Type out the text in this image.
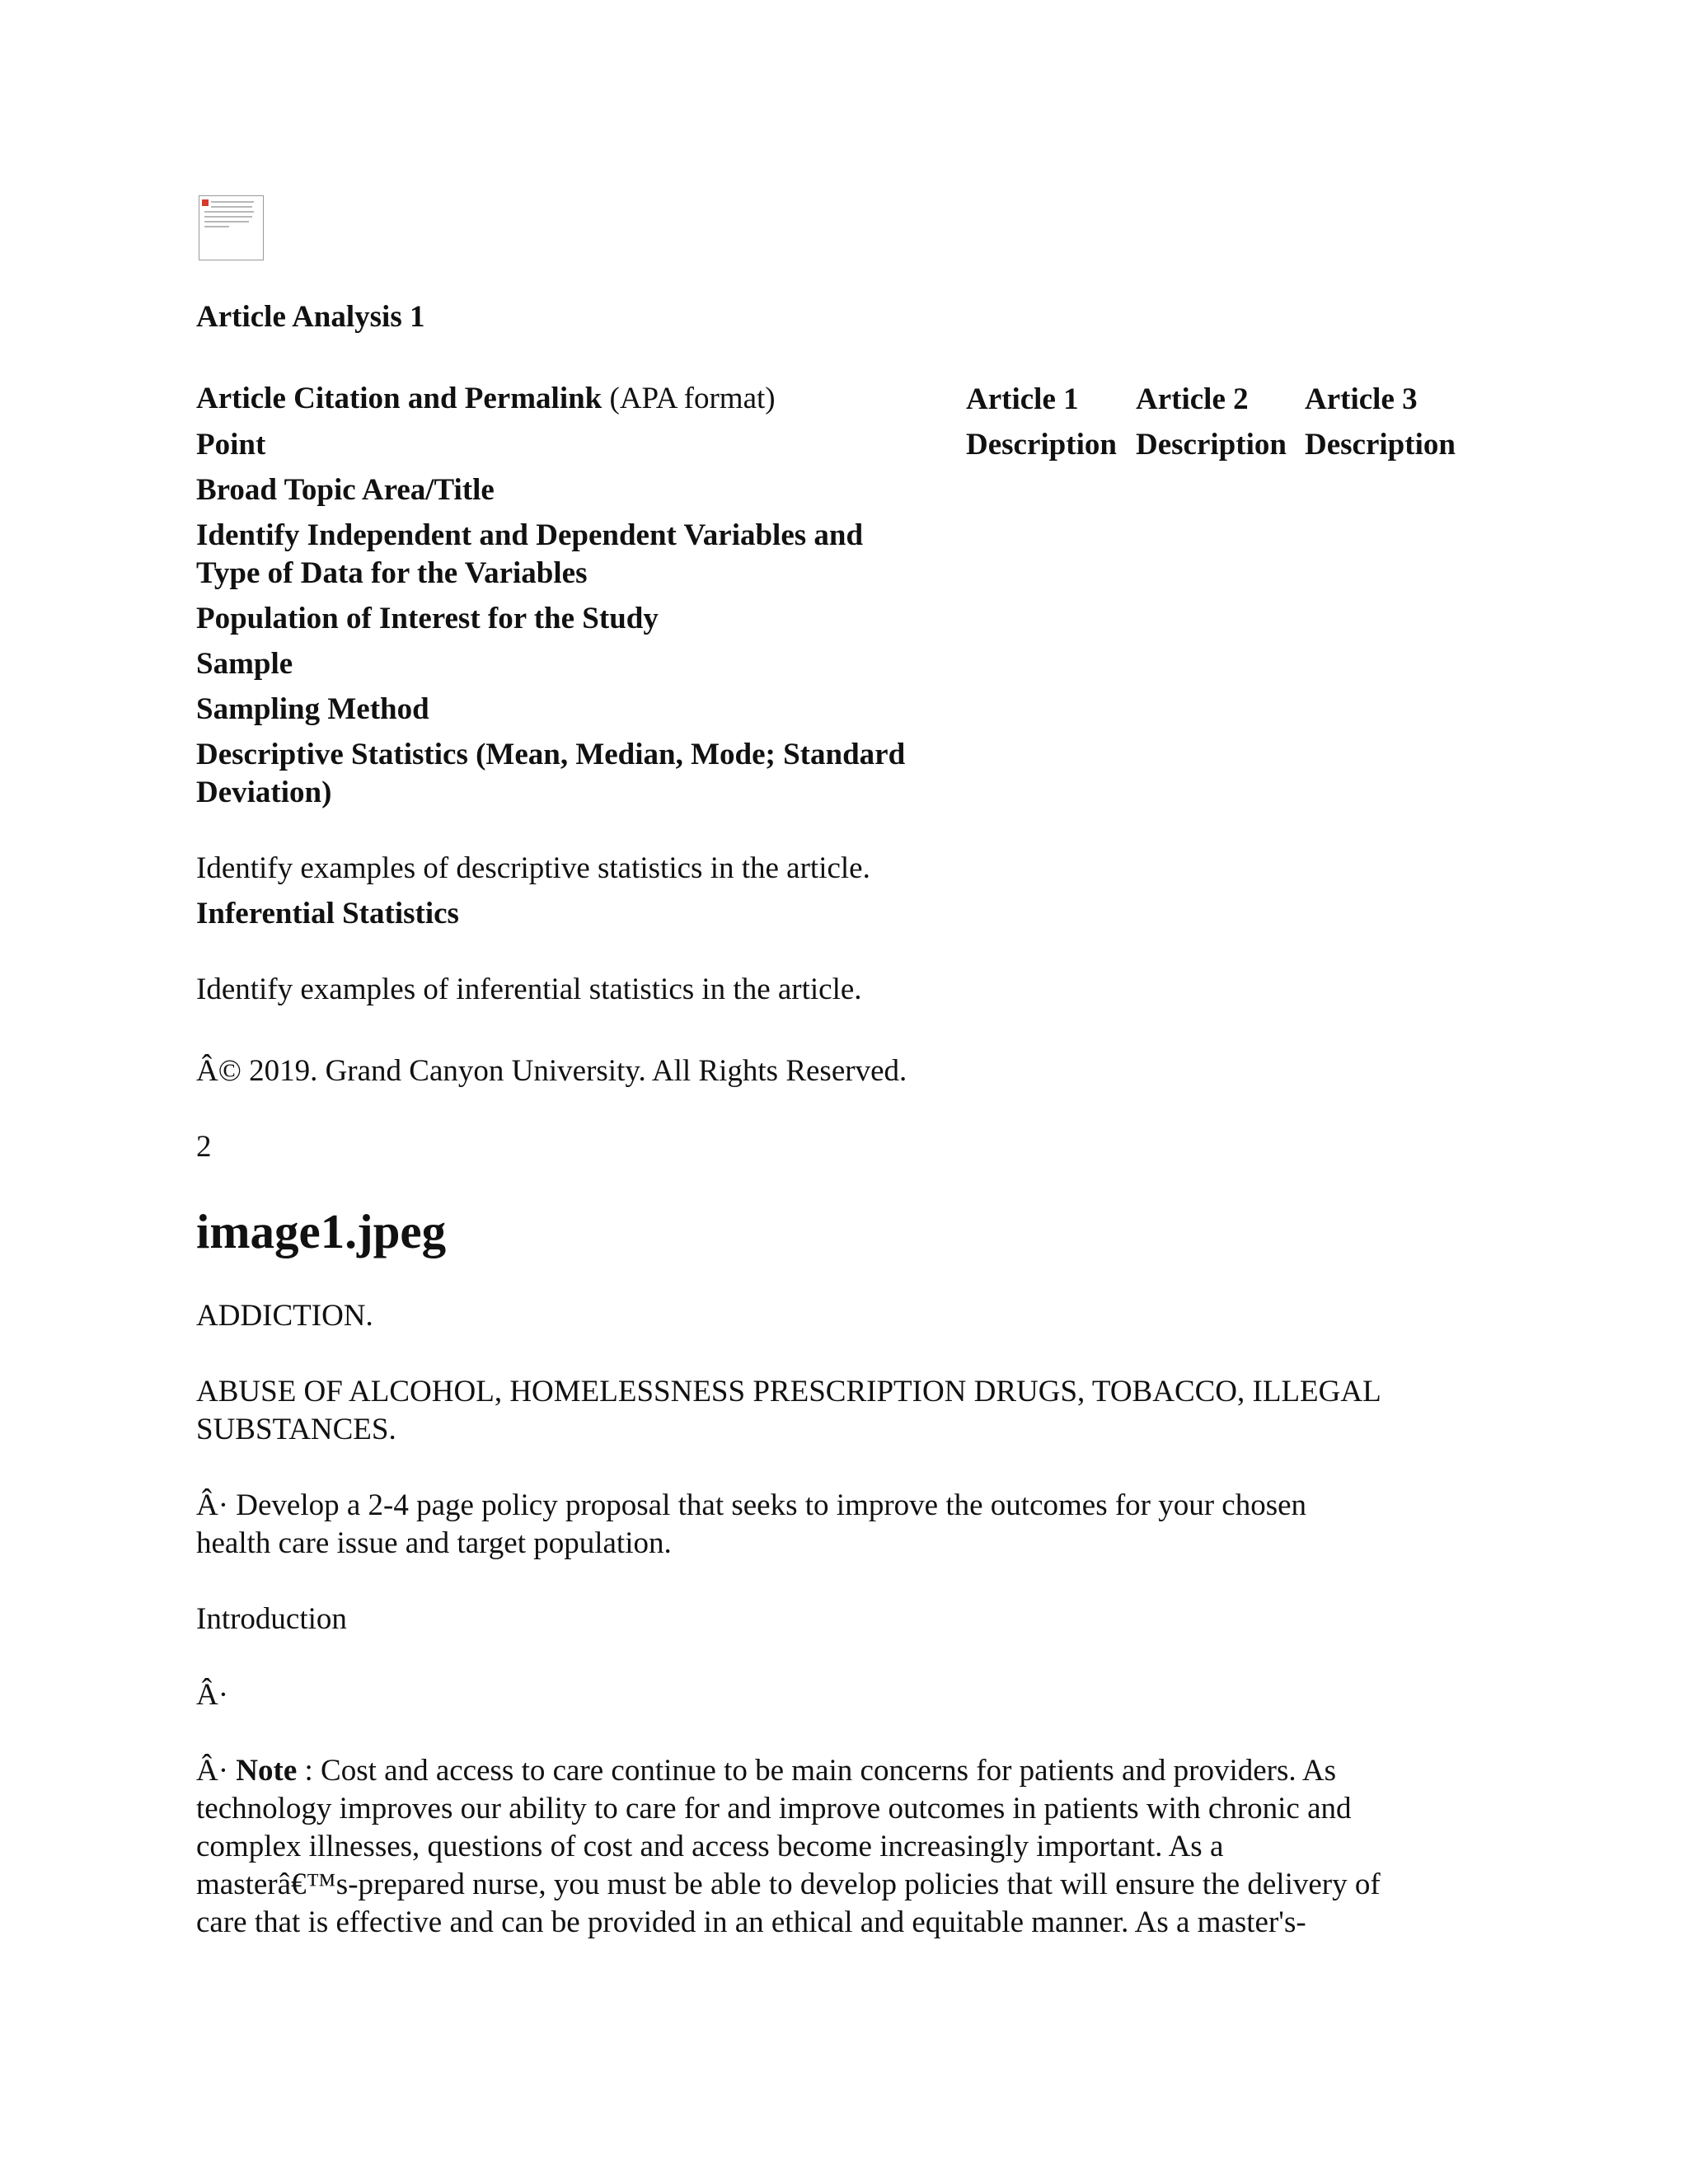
Article Analysis 1
Article Citation and Permalink (APA format)	Article 1 Article 2 Article 3
Description Description Description
Point
Broad Topic Area/Title
Identify Independent and Dependent Variables and
Type of Data for the Variables
Population of Interest for the Study
Sample
Sampling Method
Descriptive Statistics (Mean, Median, Mode; Standard
Deviation)
Identify examples of descriptive statistics in the article.
Inferential Statistics
Identify examples of inferential statistics in the article.
Â© 2019. Grand Canyon University. All Rights Reserved.
2
image1.jpeg
ADDICTION.
ABUSE OF ALCOHOL, HOMELESSNESS PRESCRIPTION DRUGS, TOBACCO, ILLEGAL
SUBSTANCES.
Â· Develop a 2-4 page policy proposal that seeks to improve the outcomes for your chosen
health care issue and target population.
Introduction
Â·
Â· Note : Cost and access to care continue to be main concerns for patients and providers. As
technology improves our ability to care for and improve outcomes in patients with chronic and
complex illnesses, questions of cost and access become increasingly important. As a
masterâ€™s-prepared nurse, you must be able to develop policies that will ensure the delivery of
care that is effective and can be provided in an ethical and equitable manner. As a master's-
